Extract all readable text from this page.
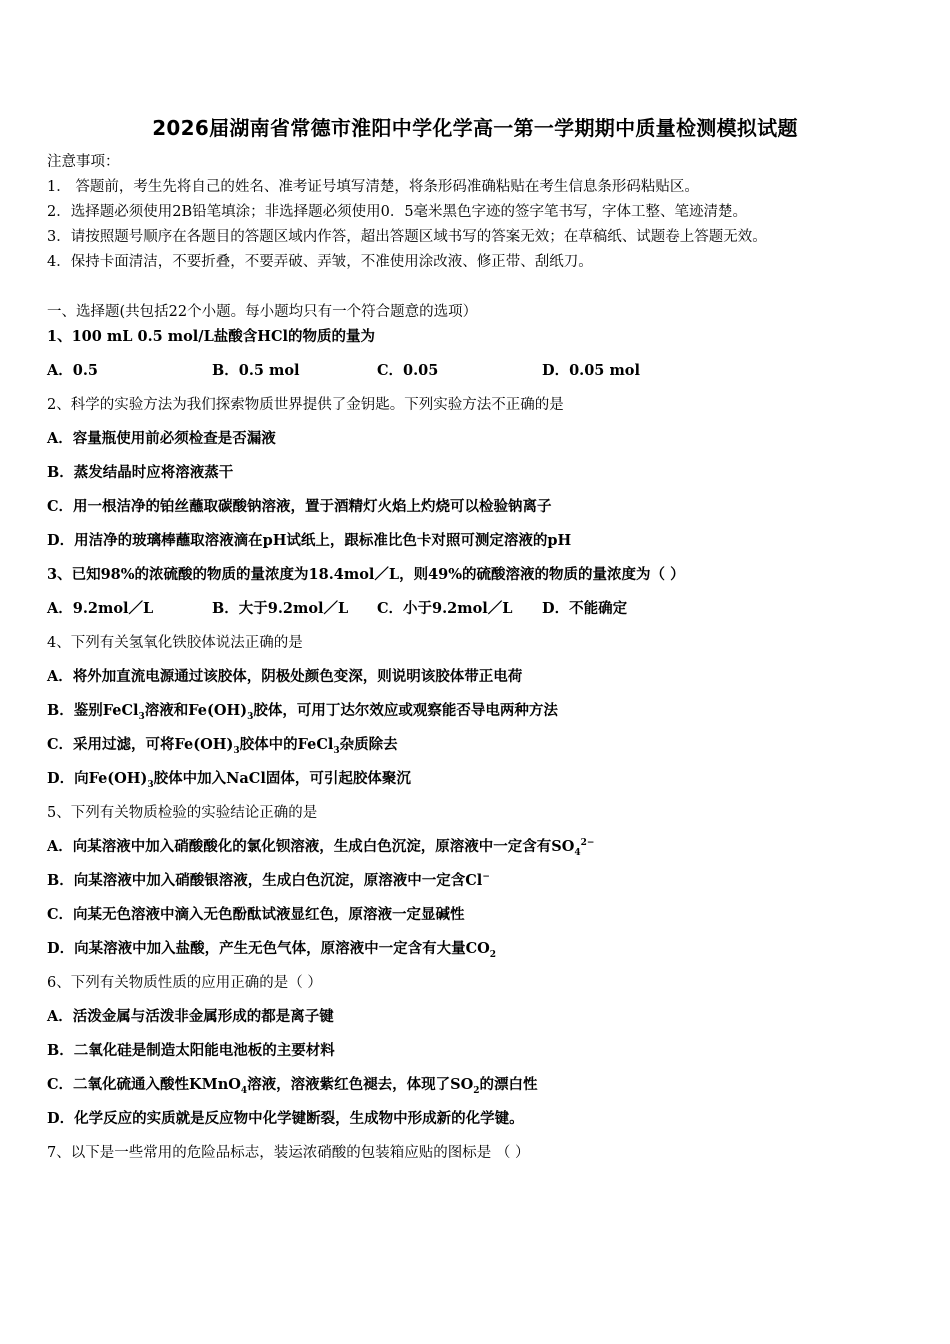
2026届湖南省常德市淮阳中学化学高一第一学期期中质量检测模拟试题
注意事项：
1． 答题前，考生先将自己的姓名、准考证号填写清楚，将条形码准确粘贴在考生信息条形码粘贴区。
2．选择题必须使用2B铅笔填涂；非选择题必须使用0．5毫米黑色字迹的签字笔书写，字体工整、笔迹清楚。
3．请按照题号顺序在各题目的答题区域内作答，超出答题区域书写的答案无效；在草稿纸、试题卷上答题无效。
4．保持卡面清洁，不要折叠，不要弄破、弄皱，不准使用涂改液、修正带、刮纸刀。
一、选择题(共包括22个小题。每小题均只有一个符合题意的选项）
1、100 mL 0.5 mol/L盐酸含HCl的物质的量为
A．0.5	B．0.5 mol	C．0.05	D．0.05 mol
2、科学的实验方法为我们探索物质世界提供了金钥匙。下列实验方法不正确的是
A．容量瓶使用前必须检查是否漏液
B．蒸发结晶时应将溶液蒸干
C．用一根洁净的铂丝蘸取碳酸钠溶液，置于酒精灯火焰上灼烧可以检验钠离子
D．用洁净的玻璃棒蘸取溶液滴在pH试纸上，跟标准比色卡对照可测定溶液的pH
3、已知98%的浓硫酸的物质的量浓度为18.4mol／L，则49%的硫酸溶液的物质的量浓度为（ ）
A．9.2mol／L	B．大于9.2mol／L C．小于9.2mol／L D．不能确定
4、下列有关氢氧化铁胶体说法正确的是
A．将外加直流电源通过该胶体，阴极处颜色变深，则说明该胶体带正电荷
B．鉴别FeCl$_3$溶液和$Fe(OH)_3$胶体，可用丁达尔效应或观察能否导电两种方法
C．采用过滤，可将$Fe(OH)_3$胶体中的FeCl$_3$杂质除去
D．向$Fe(OH)_3$胶体中加入NaCl固体，可引起胶体聚沉
5、下列有关物质检验的实验结论正确的是
A．向某溶液中加入硝酸酸化的氯化钡溶液，生成白色沉淀，原溶液中一定含有$SO_4^{2-}$
B．向某溶液中加入硝酸银溶液，生成白色沉淀，原溶液中一定含Cl−
C．向某无色溶液中滴入无色酚酞试液显红色，原溶液一定显碱性
D．向某溶液中加入盐酸，产生无色气体，原溶液中一定含有大量$CO_2$
6、下列有关物质性质的应用正确的是（ ）
A．活泼金属与活泼非金属形成的都是离子键
B．二氧化硅是制造太阳能电池板的主要材料
C．二氧化硫通入酸性KMnO$_4$溶液，溶液紫红色褪去，体现了$SO_2$的漂白性
D．化学反应的实质就是反应物中化学键断裂，生成物中形成新的化学键。
7、以下是一些常用的危险品标志，装运浓硝酸的包装箱应贴的图标是 （ ）
